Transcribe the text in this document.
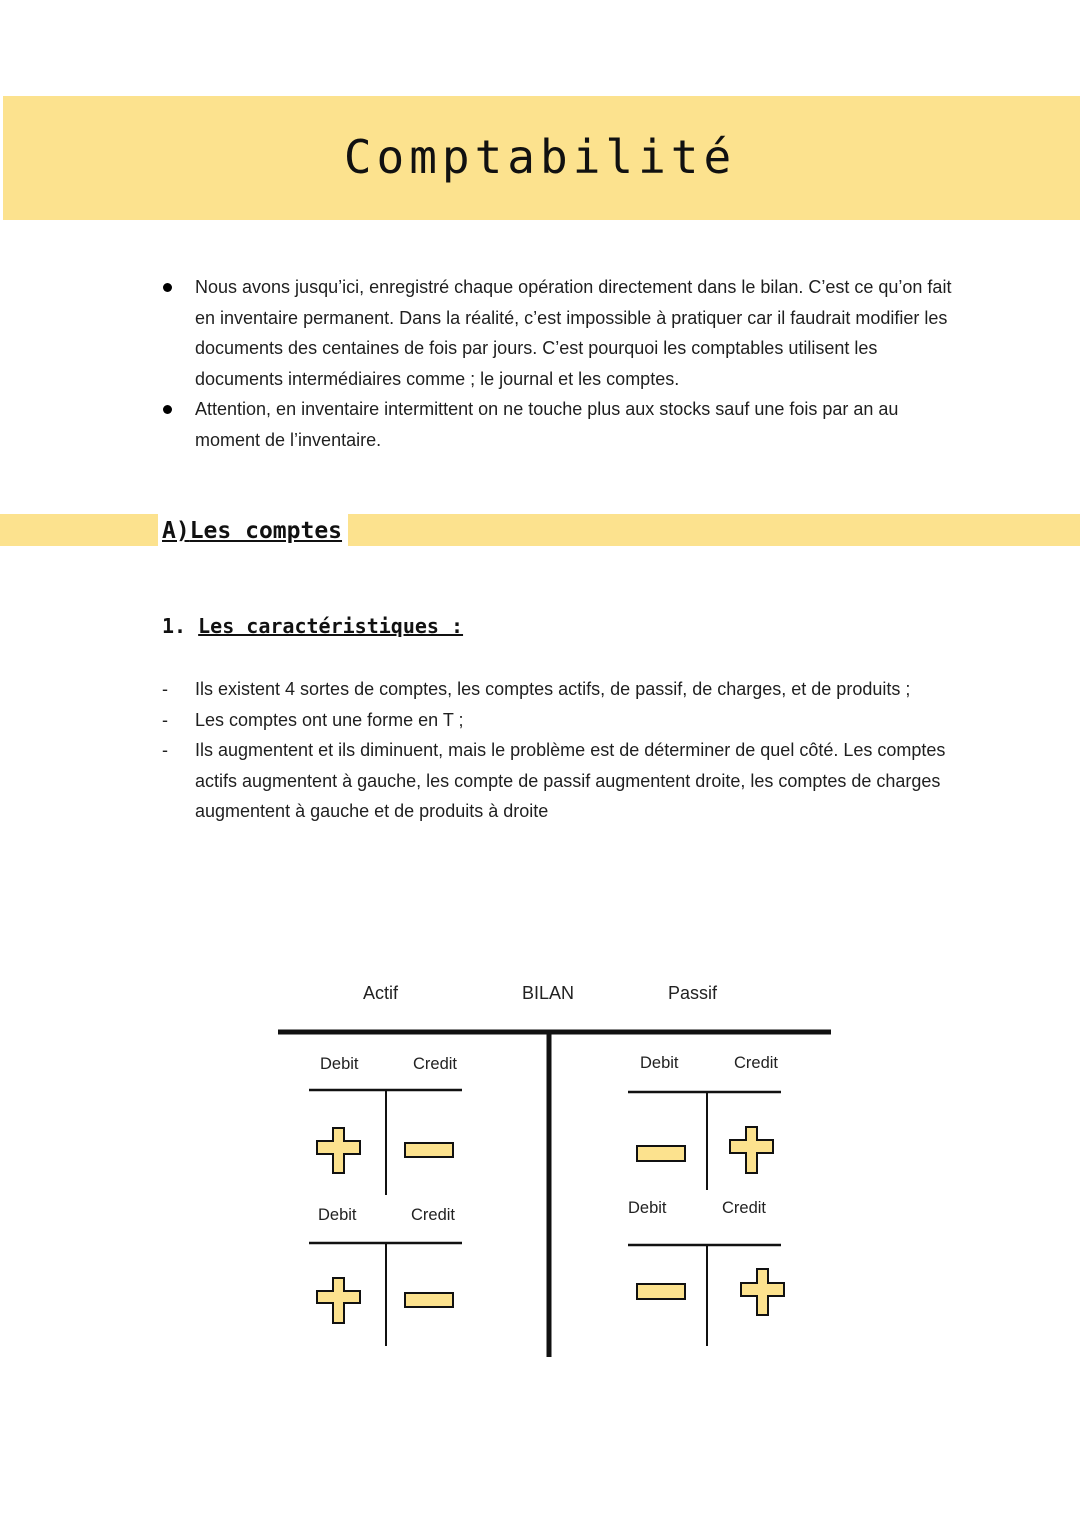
Comptabilité
Nous avons jusqu’ici, enregistré chaque opération directement dans le bilan. C’est ce qu’on fait en inventaire permanent. Dans la réalité, c’est impossible à pratiquer car il faudrait modifier les documents des centaines de fois par jours. C’est pourquoi les comptables utilisent les documents intermédiaires comme ; le journal et les comptes.
Attention, en inventaire intermittent on ne touche plus aux stocks sauf une fois par an au moment de l’inventaire.
A)Les comptes
1. Les caractéristiques :
- Ils existent 4 sortes de comptes, les comptes actifs, de passif, de charges, et de produits ;
- Les comptes ont une forme en T ;
- Ils augmentent et ils diminuent, mais le problème est de déterminer de quel côté. Les comptes actifs augmentent à gauche, les compte de passif augmentent droite, les comptes de charges augmentent à gauche et de produits à droite
Actif	BILAN	Passif
Debit	Credit
Debit	Credit
Debit	Credit
Debit	Credit
